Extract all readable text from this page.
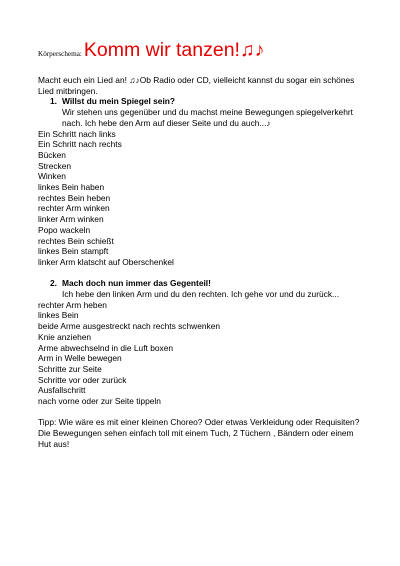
Körperschema: Komm wir tanzen!♫♪

Macht euch ein Lied an! ♫♪Ob Radio oder CD, vielleicht kannst du sogar ein schönes Lied mitbringen.

1. Willst du mein Spiegel sein?

Wir stehen uns gegenüber und du machst meine Bewegungen spiegelverkehrt nach. Ich hebe den Arm auf dieser Seite und du auch...♪

Ein Schritt nach links
Ein Schritt nach rechts
Bücken
Strecken
Winken
linkes Bein haben
rechtes Bein heben
rechter Arm winken
linker Arm winken
Popo wackeln
rechtes Bein schießt
linkes Bein stampft
linker Arm klatscht auf Oberschenkel
2. Mach doch nun immer das Gegenteil!

Ich hebe den linken Arm und du den rechten. Ich gehe vor und du zurück...

rechter Arm heben
linkes Bein
beide Arme ausgestreckt nach rechts schwenken
Knie anziehen
Arme abwechselnd in die Luft boxen
Arm in Welle bewegen
Schritte zur Seite
Schritte vor oder zurück
Ausfallschritt
nach vorne oder zur Seite tippeln

Tipp: Wie wäre es mit einer kleinen Choreo? Oder etwas Verkleidung oder Requisiten? Die Bewegungen sehen einfach toll mit einem Tuch, 2 Tüchern , Bändern oder einem Hut aus!
